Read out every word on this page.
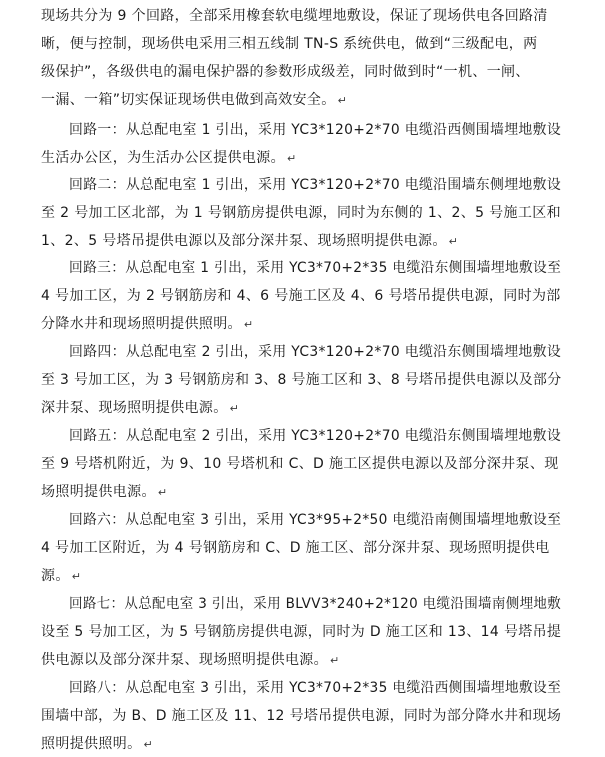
现场共分为 9 个回路，全部采用橡套软电缆埋地敷设，保证了现场供电各回路清
晰，便与控制，现场供电采用三相五线制 TN-S 系统供电，做到“三级配电，两
级保护”，各级供电的漏电保护器的参数形成级差，同时做到时“一机、一闸、
一漏、一箱”切实保证现场供电做到高效安全。 ↵
回路一：从总配电室 1 引出，采用 YC3*120+2*70 电缆沿西侧围墙埋地敷设
生活办公区，为生活办公区提供电源。 ↵
回路二：从总配电室 1 引出，采用 YC3*120+2*70 电缆沿围墙东侧埋地敷设
至 2 号加工区北部，为 1 号钢筋房提供电源，同时为东侧的 1、2、5 号施工区和
1、2、5 号塔吊提供电源以及部分深井泵、现场照明提供电源。 ↵
回路三：从总配电室 1 引出，采用 YC3*70+2*35 电缆沿东侧围墙埋地敷设至
4 号加工区，为 2 号钢筋房和 4、6 号施工区及 4、6 号塔吊提供电源，同时为部
分降水井和现场照明提供照明。 ↵
回路四：从总配电室 2 引出，采用 YC3*120+2*70 电缆沿东侧围墙埋地敷设
至 3 号加工区，为 3 号钢筋房和 3、8 号施工区和 3、8 号塔吊提供电源以及部分
深井泵、现场照明提供电源。 ↵
回路五：从总配电室 2 引出，采用 YC3*120+2*70 电缆沿东侧围墙埋地敷设
至 9 号塔机附近，为 9、10 号塔机和 C、D 施工区提供电源以及部分深井泵、现
场照明提供电源。 ↵
回路六：从总配电室 3 引出，采用 YC3*95+2*50 电缆沿南侧围墙埋地敷设至
4 号加工区附近，为 4 号钢筋房和 C、D 施工区、部分深井泵、现场照明提供电
源。 ↵
回路七：从总配电室 3 引出，采用 BLVV3*240+2*120 电缆沿围墙南侧埋地敷
设至 5 号加工区，为 5 号钢筋房提供电源，同时为 D 施工区和 13、14 号塔吊提
供电源以及部分深井泵、现场照明提供电源。 ↵
回路八：从总配电室 3 引出，采用 YC3*70+2*35 电缆沿西侧围墙埋地敷设至
围墙中部，为 B、D 施工区及 11、12 号塔吊提供电源，同时为部分降水井和现场
照明提供照明。 ↵
